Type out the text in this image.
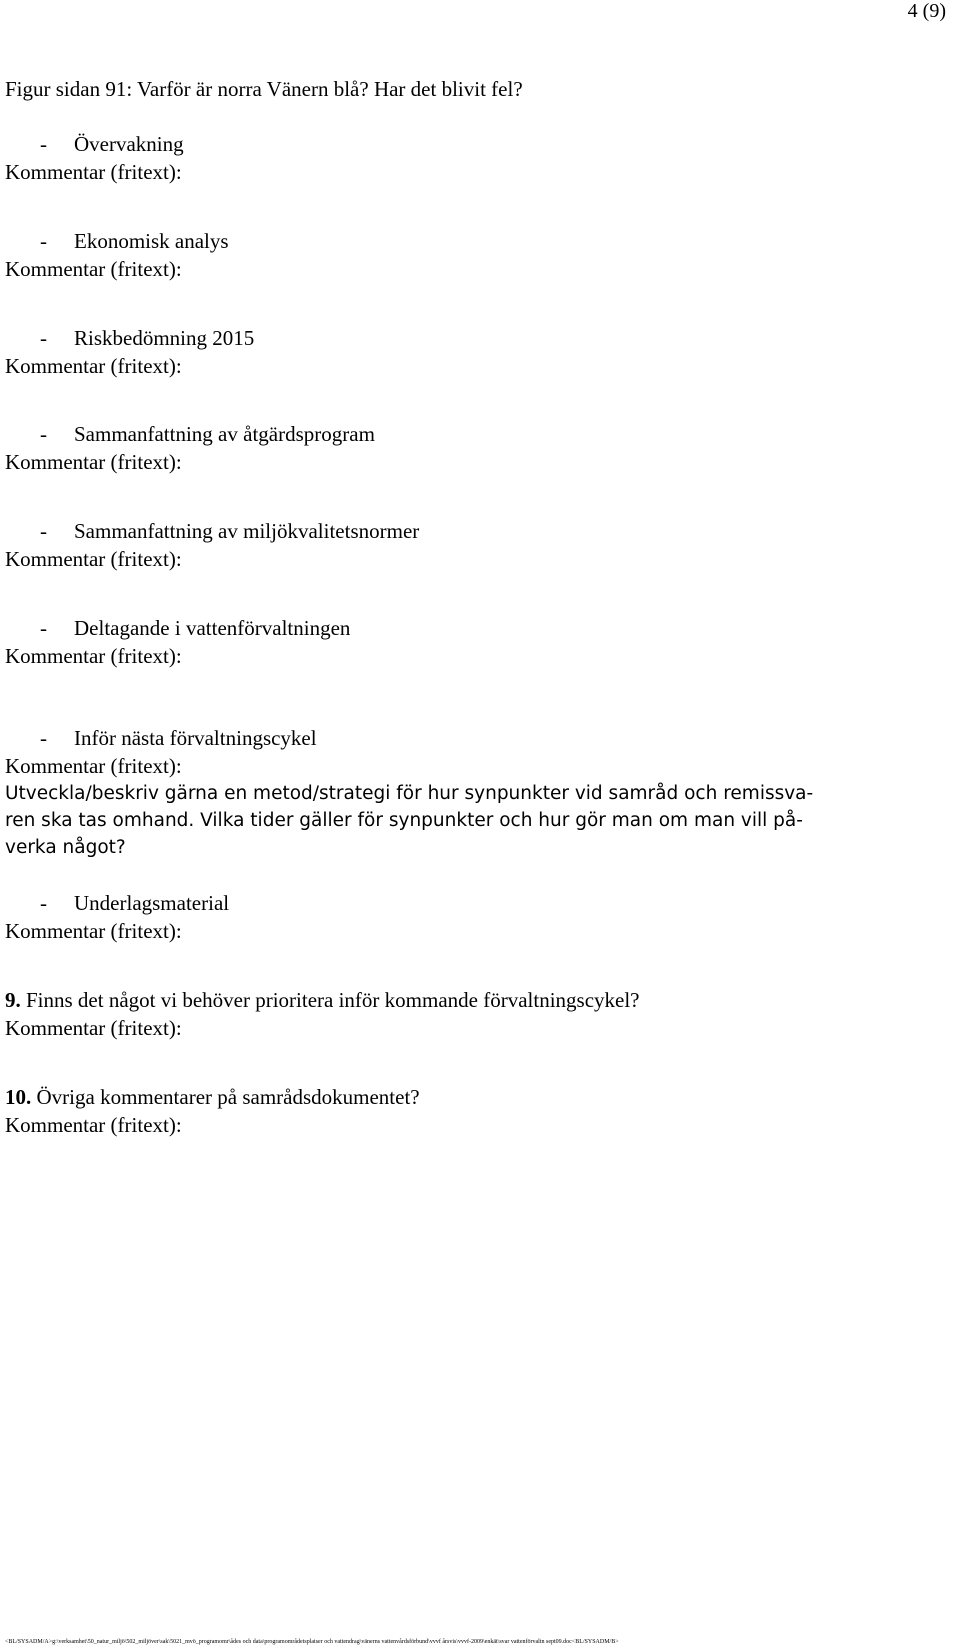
4 (9)
Figur sidan 91: Varför är norra Vänern blå? Har det blivit fel?
- Övervakning
Kommentar (fritext):
- Ekonomisk analys
Kommentar (fritext):
- Riskbedömning 2015
Kommentar (fritext):
- Sammanfattning av åtgärdsprogram
Kommentar (fritext):
- Sammanfattning av miljökvalitetsnormer
Kommentar (fritext):
- Deltagande i vattenförvaltningen
Kommentar (fritext):
- Inför nästa förvaltningscykel
Kommentar (fritext):
Utveckla/beskriv gärna en metod/strategi för hur synpunkter vid samråd och remissva-
ren ska tas omhand. Vilka tider gäller för synpunkter och hur gör man om man vill på-
verka något?
- Underlagsmaterial
Kommentar (fritext):
9. Finns det något vi behöver prioritera inför kommande förvaltningscykel?
Kommentar (fritext):
10. Övriga kommentarer på samrådsdokumentet?
Kommentar (fritext):
<BL/SYSADM/A>g:\verksamhet\50_natur_miljö\502_miljöver\sak\5021_mvö_programomr\ådes och data\programområdetsplatser och vattendrag\vänerns vattenvårdsförbund\vvvf årsvis\vvvf-2009\enkät\svar vattenförvaltn sept09.doc<BL/SYSADM/B>
